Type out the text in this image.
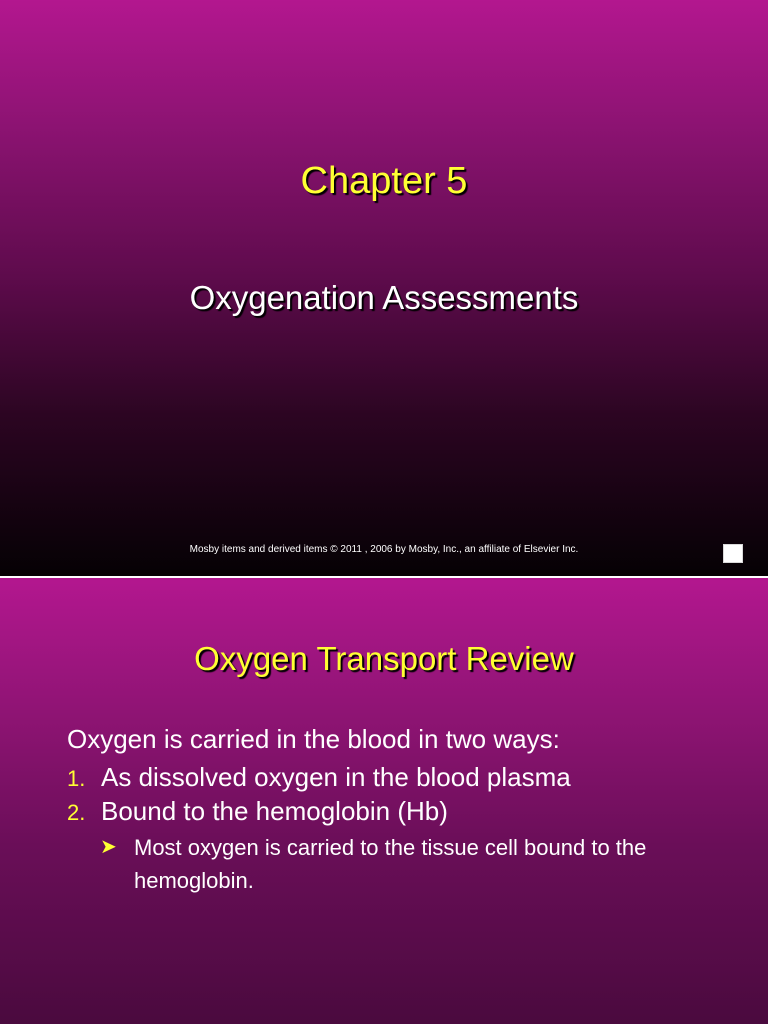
Chapter 5
Oxygenation Assessments
Mosby items and derived items © 2011 , 2006 by Mosby, Inc., an affiliate of Elsevier Inc.
Oxygen Transport Review
Oxygen is carried in the blood in two ways:
1. As dissolved oxygen in the blood plasma
2. Bound to the hemoglobin (Hb)
➤ Most oxygen is carried to the tissue cell bound to the hemoglobin.
